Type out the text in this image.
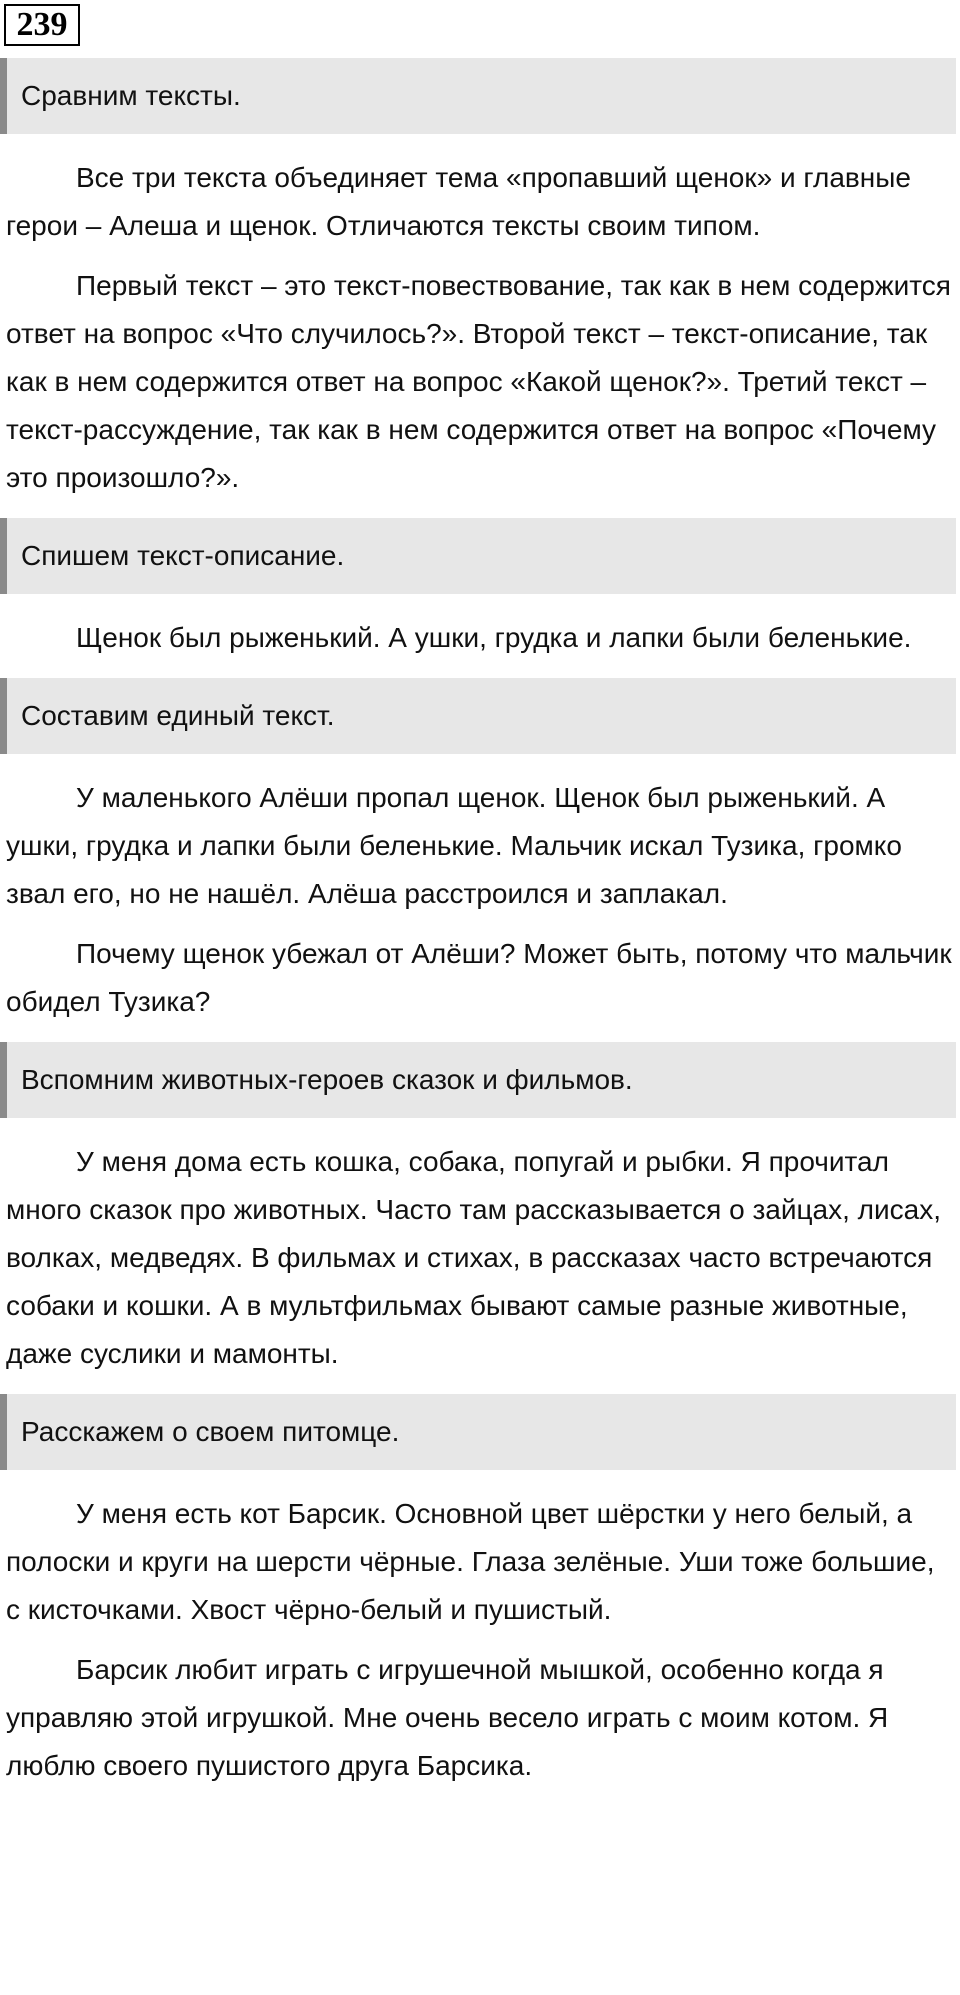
239
Сравним тексты.

Все три текста объединяет тема «пропавший щенок» и главные герои – Алеша и щенок. Отличаются тексты своим типом.

Первый текст – это текст-повествование, так как в нем содержится ответ на вопрос «Что случилось?». Второй текст – текст-описание, так как в нем содержится ответ на вопрос «Какой щенок?». Третий текст – текст-рассуждение, так как в нем содержится ответ на вопрос «Почему это произошло?».

Спишем текст-описание.

Щенок был рыженький. А ушки, грудка и лапки были беленькие.

Составим единый текст.

У маленького Алёши пропал щенок. Щенок был рыженький. А ушки, грудка и лапки были беленькие. Мальчик искал Тузика, громко звал его, но не нашёл. Алёша расстроился и заплакал.

Почему щенок убежал от Алёши? Может быть, потому что мальчик обидел Тузика?

Вспомним животных-героев сказок и фильмов.

У меня дома есть кошка, собака, попугай и рыбки. Я прочитал много сказок про животных. Часто там рассказывается о зайцах, лисах, волках, медведях. В фильмах и стихах, в рассказах часто встречаются собаки и кошки. А в мультфильмах бывают самые разные животные, даже суслики и мамонты.

Расскажем о своем питомце.

У меня есть кот Барсик. Основной цвет шёрстки у него белый, а полоски и круги на шерсти чёрные. Глаза зелёные. Уши тоже большие, с кисточками. Хвост чёрно-белый и пушистый.

Барсик любит играть с игрушечной мышкой, особенно когда я управляю этой игрушкой. Мне очень весело играть с моим котом. Я люблю своего пушистого друга Барсика.
